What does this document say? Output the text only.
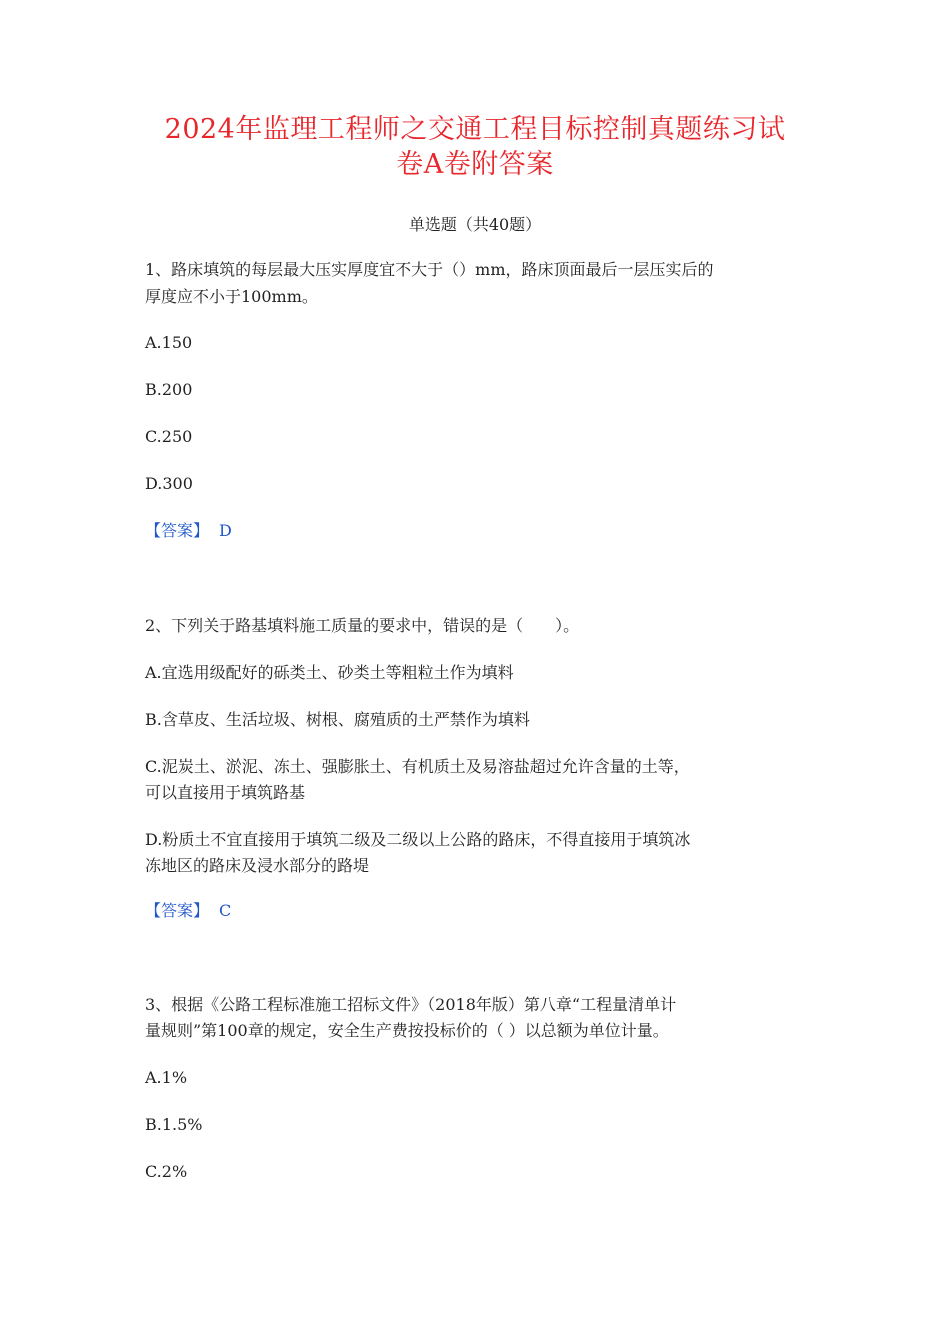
2024年监理工程师之交通工程目标控制真题练习试
卷A卷附答案
单选题（共40题）
1、路床填筑的每层最大压实厚度宜不大于（）mm，路床顶面最后一层压实后的
厚度应不小于100mm。
A.150
B.200
C.250
D.300
【答案】 D
2、下列关于路基填料施工质量的要求中，错误的是（　　）。
A.宜选用级配好的砾类土、砂类土等粗粒土作为填料
B.含草皮、生活垃圾、树根、腐殖质的土严禁作为填料
C.泥炭土、淤泥、冻土、强膨胀土、有机质土及易溶盐超过允许含量的土等，
可以直接用于填筑路基
D.粉质土不宜直接用于填筑二级及二级以上公路的路床，不得直接用于填筑冰
冻地区的路床及浸水部分的路堤
【答案】 C
3、根据《公路工程标准施工招标文件》（2018年版）第八章“工程量清单计
量规则”第100章的规定，安全生产费按投标价的（ ）以总额为单位计量。
A.1%
B.1.5%
C.2%
